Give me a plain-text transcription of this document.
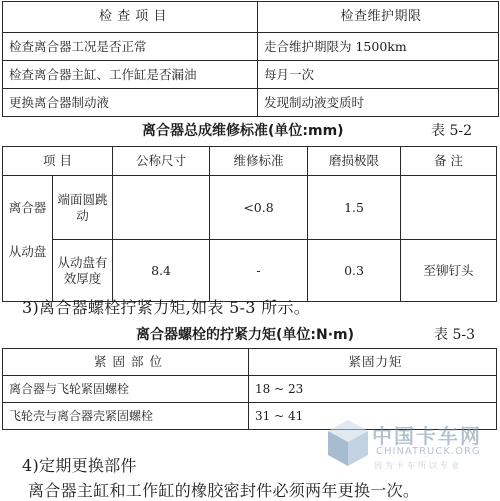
检 查 项 目	检查维护期限
检查离合器工况是否正常	走合维护期限为 1500km
检查离合器主缸、工作缸是否漏油	每月一次
更换离合器制动液	发现制动液变质时
离合器总成维修标准(单位:mm)	表 5-2
项 目		公称尺寸	维修标准	磨损极限	备 注
离合器	端面圆跳动		<0.8	1.5	
从动盘	从动盘有效厚度	8.4	-	0.3	至铆钉头
3)离合器螺栓拧紧力矩,如表 5-3 所示。
离合器螺栓的拧紧力矩(单位:N·m)	表 5-3
紧 固 部 位	紧固力矩
离合器与飞轮紧固螺栓	18 ~ 23
飞轮壳与离合器壳紧固螺栓	31 ~ 41
4)定期更换部件
离合器主缸和工作缸的橡胶密封件必须两年更换一次。
中国卡车网
CHINATRUCK.ORG
因为卡车所以专业
